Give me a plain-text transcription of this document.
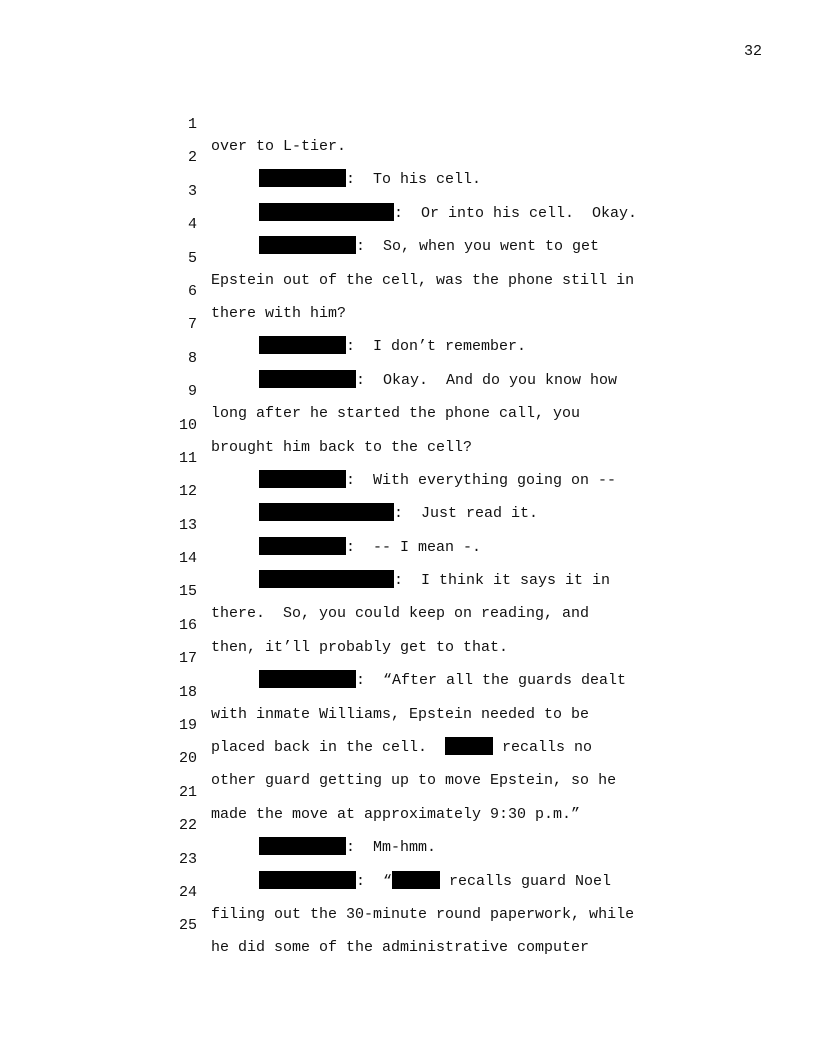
32

1

over to L-tier.

2

:  To his cell.

3

:  Or into his cell.  Okay.

4

:  So, when you went to get

5

Epstein out of the cell, was the phone still in

6

there with him?

7

:  I don’t remember.

8

:  Okay.  And do you know how

9

long after he started the phone call, you

10

brought him back to the cell?

11

:  With everything going on --

12

:  Just read it.

13

:  -- I mean -.

14

:  I think it says it in

15

there.  So, you could keep on reading, and

16

then, it’ll probably get to that.

17

:  “After all the guards dealt

18

with inmate Williams, Epstein needed to be

19

placed back in the cell.	recalls no

20

other guard getting up to move Epstein, so he

21

made the move at approximately 9:30 p.m.”

22

:  Mm-hmm.

23

:  “	recalls guard Noel

24

filing out the 30-minute round paperwork, while

25

he did some of the administrative computer
